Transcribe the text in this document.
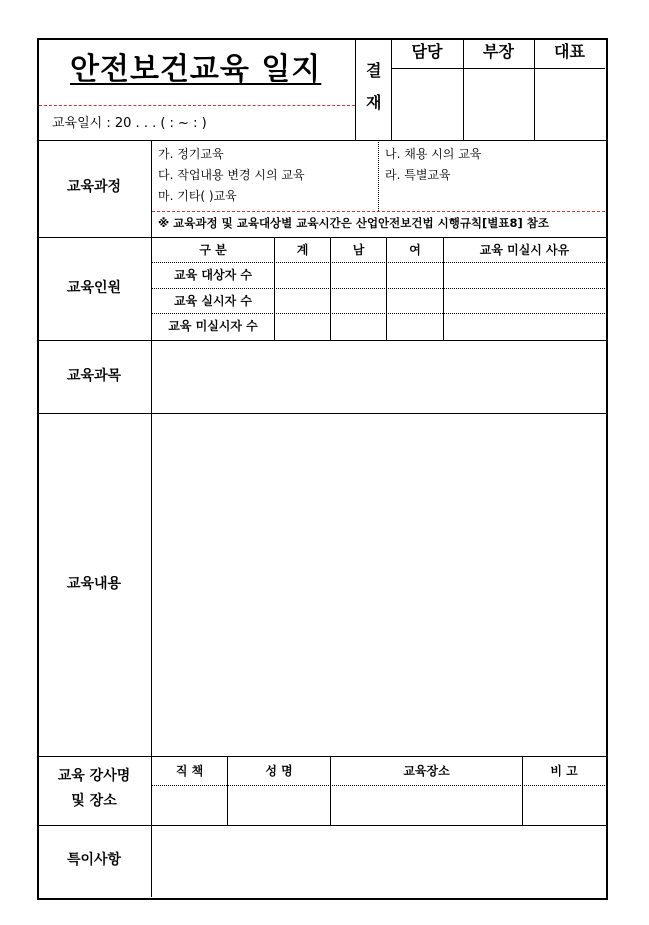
안전보건교육 일지
교육일시 : 20 . . . ( : ~ : )
결
재
담당	부장	대표
교육과정
가. 정기교육	나. 채용 시의 교육
다. 작업내용 변경 시의 교육	라. 특별교육
마. 기타( )교육
※ 교육과정 및 교육대상별 교육시간은 산업안전보건법 시행규칙[별표8] 참조
교육인원
구 분	계	남	여	교육 미실시 사유
교육 대상자 수
교육 실시자 수
교육 미실시자 수
교육과목
교육내용
교육 강사명
및 장소
직 책	성 명	교육장소	비 고
특이사항
